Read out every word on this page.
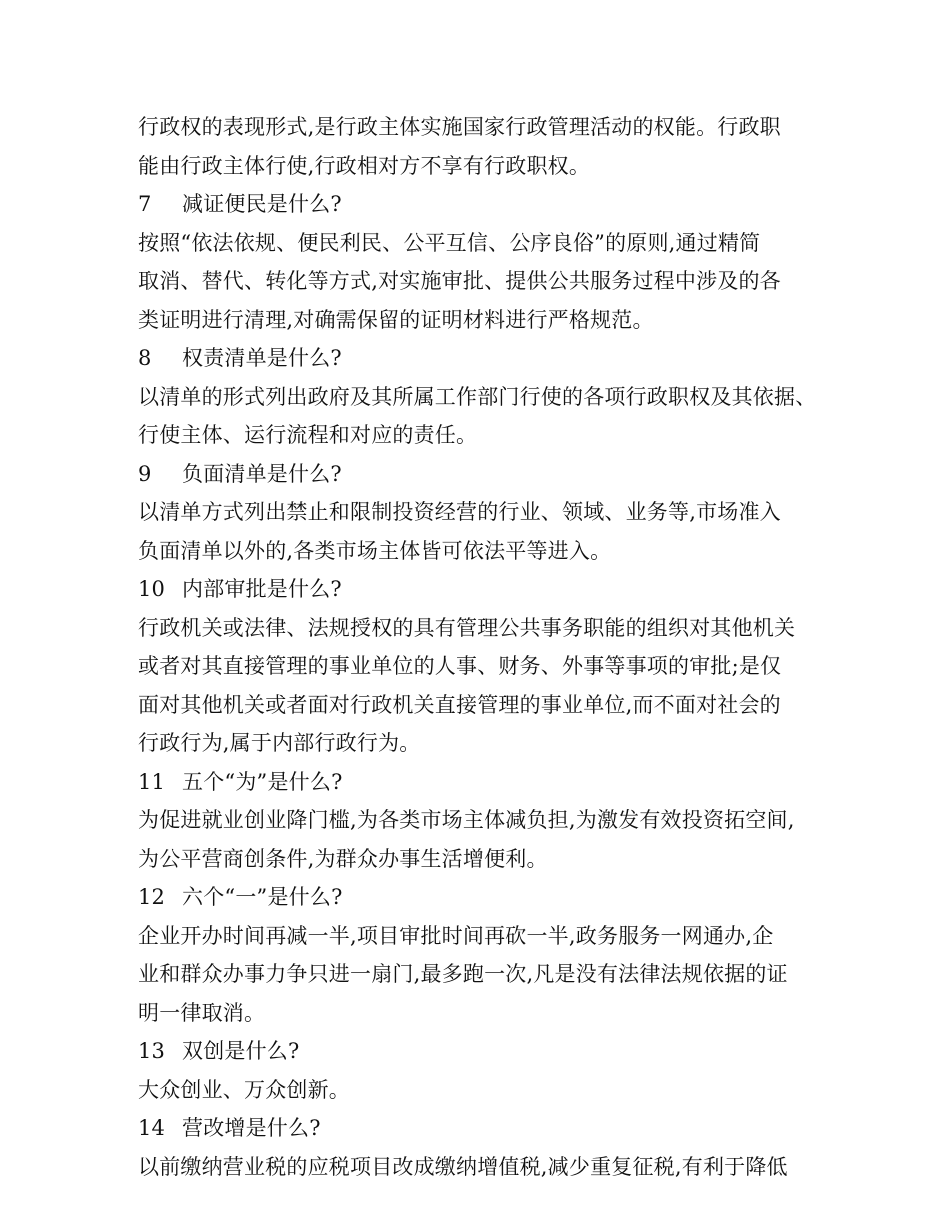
行政权的表现形式,是行政主体实施国家行政管理活动的权能。行政职
能由行政主体行使,行政相对方不享有行政职权。
7	减证便民是什么?
按照“依法依规、便民利民、公平互信、公序良俗”的原则,通过精简
取消、替代、转化等方式,对实施审批、提供公共服务过程中涉及的各
类证明进行清理,对确需保留的证明材料进行严格规范。
8	权责清单是什么?
以清单的形式列出政府及其所属工作部门行使的各项行政职权及其依据、
行使主体、运行流程和对应的责任。
9	负面清单是什么?
以清单方式列出禁止和限制投资经营的行业、领域、业务等,市场准入
负面清单以外的,各类市场主体皆可依法平等进入。
10 内部审批是什么?
行政机关或法律、法规授权的具有管理公共事务职能的组织对其他机关
或者对其直接管理的事业单位的人事、财务、外事等事项的审批;是仅
面对其他机关或者面对行政机关直接管理的事业单位,而不面对社会的
行政行为,属于内部行政行为。
11 五个“为”是什么?
为促进就业创业降门槛,为各类市场主体减负担,为激发有效投资拓空间,
为公平营商创条件,为群众办事生活增便利。
12 六个“一”是什么?
企业开办时间再减一半,项目审批时间再砍一半,政务服务一网通办,企
业和群众办事力争只进一扇门,最多跑一次,凡是没有法律法规依据的证
明一律取消。
13 双创是什么?
大众创业、万众创新。
14 营改增是什么?
以前缴纳营业税的应税项目改成缴纳增值税,减少重复征税,有利于降低
